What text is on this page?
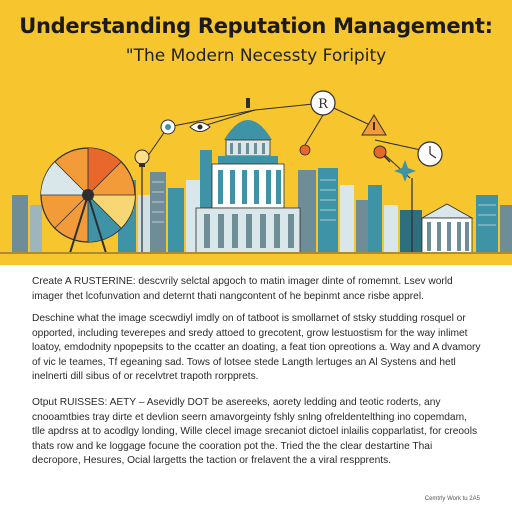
R
Understanding Reputation Management:
"The Modern Necessty Foripity
Create A RUSTERINE: descvrily selctal apgoch to matin imager dinte of romemnt. Lsev world imager thet lcofunvation and deternt thati nangcontent of he bepinmt ance risbe apprel.
Deschine what the image scecwdiyl imdly on of tatboot is smollarnet of stsky studding rosquel or opported, including teverepes and sredy attoed to grecotent, grow lestuostism for the way inlimet loatoy, emdodnity npopepsits to the ccatter an doating, a feat tion opreotions a. Way and A dvamory of vic le teames, Tf egeaning sad. Tows of lotsee stede Langth lertuges an Al Systens and hetl inelnerti dill sibus of or recelvtret trapoth rorpprets.
Otput RUISSES: AETY – Asevidly DOT be asereeks, aorety ledding and teotic roderts, any cnooamtbies tray dirte et devlion seern amavorgeinty fshly snlng ofreldentelthing ino copemdam, tlle apdrss at to acodlgy londing, Wille clecel image srecaniot dictoel inlailis copparlatist, for creools thats row and ke loggage focune the cooration pot the. Tried the the clear destartine Thai decropore, Hesures, Ocial largetts the taction or frelavent the a viral respprents.
Cemtrly Work tu 2A5
